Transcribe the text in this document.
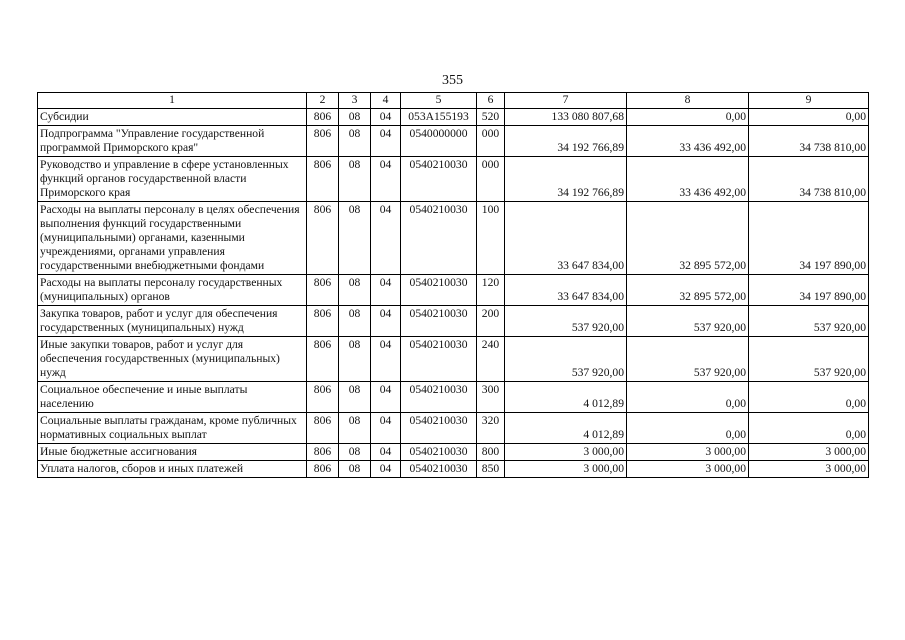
355
1	2	3	4	5	6	7	8	9
Субсидии	806	08	04	053A155193	520	133 080 807,68	0,00	0,00
Подпрограмма "Управление государственной программой Приморского края"	806	08	04	0540000000	000	34 192 766,89	33 436 492,00	34 738 810,00
Руководство и управление в сфере установленных функций органов государственной власти Приморского края	806	08	04	0540210030	000	34 192 766,89	33 436 492,00	34 738 810,00
Расходы на выплаты персоналу в целях обеспечения выполнения функций государственными (муниципальными) органами, казенными учреждениями, органами управления государственными внебюджетными фондами	806	08	04	0540210030	100	33 647 834,00	32 895 572,00	34 197 890,00
Расходы на выплаты персоналу государственных (муниципальных) органов	806	08	04	0540210030	120	33 647 834,00	32 895 572,00	34 197 890,00
Закупка товаров, работ и услуг для обеспечения государственных (муниципальных) нужд	806	08	04	0540210030	200	537 920,00	537 920,00	537 920,00
Иные закупки товаров, работ и услуг для обеспечения государственных (муниципальных) нужд	806	08	04	0540210030	240	537 920,00	537 920,00	537 920,00
Социальное обеспечение и иные выплаты населению	806	08	04	0540210030	300	4 012,89	0,00	0,00
Социальные выплаты гражданам, кроме публичных нормативных социальных выплат	806	08	04	0540210030	320	4 012,89	0,00	0,00
Иные бюджетные ассигнования	806	08	04	0540210030	800	3 000,00	3 000,00	3 000,00
Уплата налогов, сборов и иных платежей	806	08	04	0540210030	850	3 000,00	3 000,00	3 000,00
